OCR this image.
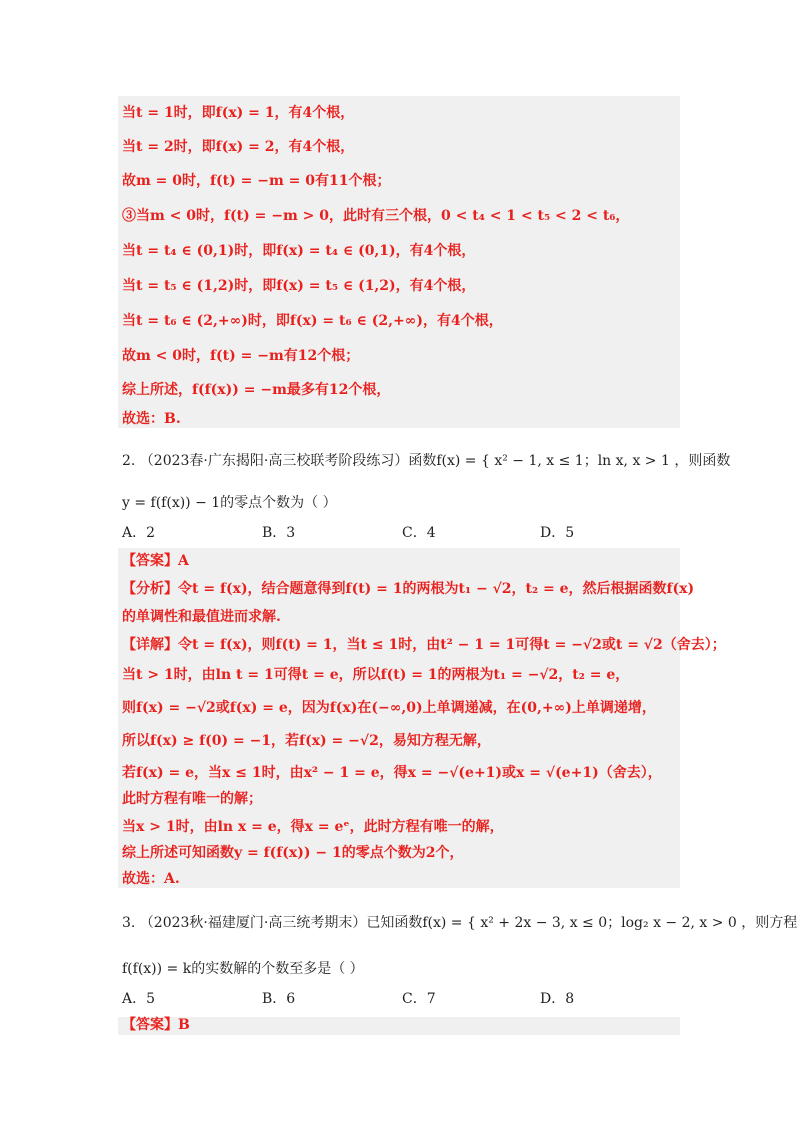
当t = 1时，即f(x) = 1，有4个根，
当t = 2时，即f(x) = 2，有4个根，
故m = 0时，f(t) = −m = 0有11个根；
③当m < 0时，f(t) = −m > 0，此时有三个根，0 < t₄ < 1 < t₅ < 2 < t₆，
当t = t₄ ∈ (0,1)时，即f(x) = t₄ ∈ (0,1)，有4个根，
当t = t₅ ∈ (1,2)时，即f(x) = t₅ ∈ (1,2)，有4个根，
当t = t₆ ∈ (2,+∞)时，即f(x) = t₆ ∈ (2,+∞)，有4个根，
故m < 0时，f(t) = −m有12个根；
综上所述，f(f(x)) = −m最多有12个根，
故选：B.
2. （2023春·广东揭阳·高三校联考阶段练习）函数f(x) = { x² − 1, x ≤ 1；ln x, x > 1 ，则函数
y = f(f(x)) − 1的零点个数为（ ）
A．2	B．3	C．4	D．5
【答案】A
【分析】令t = f(x)，结合题意得到f(t) = 1的两根为t₁ − √2，t₂ = e，然后根据函数f(x)
的单调性和最值进而求解.
【详解】令t = f(x)，则f(t) = 1，当t ≤ 1时，由t² − 1 = 1可得t = −√2或t = √2（舍去）；
当t > 1时，由ln t = 1可得t = e，所以f(t) = 1的两根为t₁ = −√2，t₂ = e，
则f(x) = −√2或f(x) = e，因为f(x)在(−∞,0)上单调递减，在(0,+∞)上单调递增，
所以f(x) ≥ f(0) = −1，若f(x) = −√2，易知方程无解，
若f(x) = e，当x ≤ 1时，由x² − 1 = e，得x = −√(e+1)或x = √(e+1)（舍去），
此时方程有唯一的解；
当x > 1时，由ln x = e，得x = eᵉ，此时方程有唯一的解，
综上所述可知函数y = f(f(x)) − 1的零点个数为2个，
故选：A.
3. （2023秋·福建厦门·高三统考期末）已知函数f(x) = { x² + 2x − 3, x ≤ 0；log₂ x − 2, x > 0 ，则方程
f(f(x)) = k的实数解的个数至多是（ ）
A．5	B．6	C．7	D．8
【答案】B
